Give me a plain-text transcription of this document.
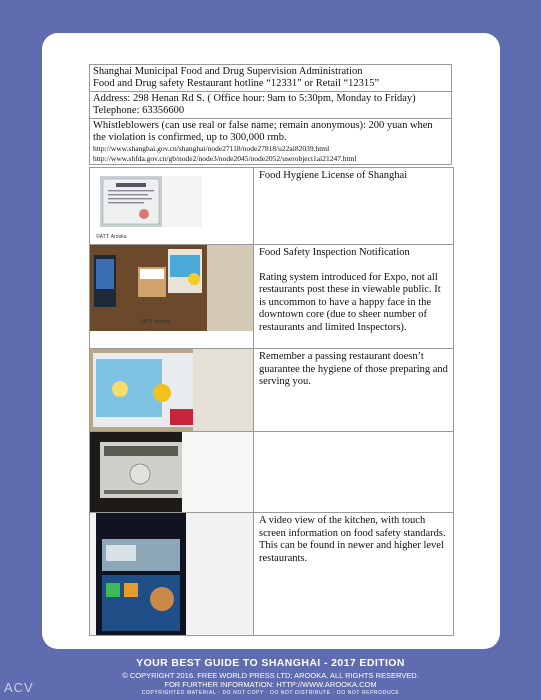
Shanghai Municipal Food and Drug Supervision Administration
Food and Drug safety Restaurant hotline “12331” or Retail “12315”

Address: 298 Henan Rd S. ( Office hour: 9am to 5:30pm, Monday to Friday)
Telephone: 63356600

Whistleblowers (can use real or false name; remain anonymous): 200 yuan when the violation is confirmed, up to 300,000 rmb.
http://www.shanghai.gov.cn/shanghai/node2711​8/node27818/u22ai82039.html
http://www.shfda.gov.cn/gb/node2/node3/node2045/node2052/userobject1ai21247.html
©ATT: Arooka	Food Hygiene License of Shanghai

©ATT: Arooka	Food Safety Inspection Notification

Rating system introduced for Expo, not all restaurants post these in viewable public. It is uncommon to have a happy face in the downtown core (due to sheer number of restaurants and limited Inspectors).

Remember a passing restaurant doesn’t guarantee the hygiene of those preparing and serving you.

A video view of the kitchen, with touch screen information on food safety standards. This can be found in newer and higher level restaurants.

YOUR BEST GUIDE TO SHANGHAI - 2017 EDITION
© COPYRIGHT 2016. FREE WORLD PRESS LTD; AROOKA. ALL RIGHTS RESERVED.
FOR FURTHER INFORMATION: HTTP://WWW.AROOKA.COM
COPYRIGHTED MATERIAL · DO NOT COPY · DO NOT DISTRIBUTE · DO NOT REPRODUCE
ACV
